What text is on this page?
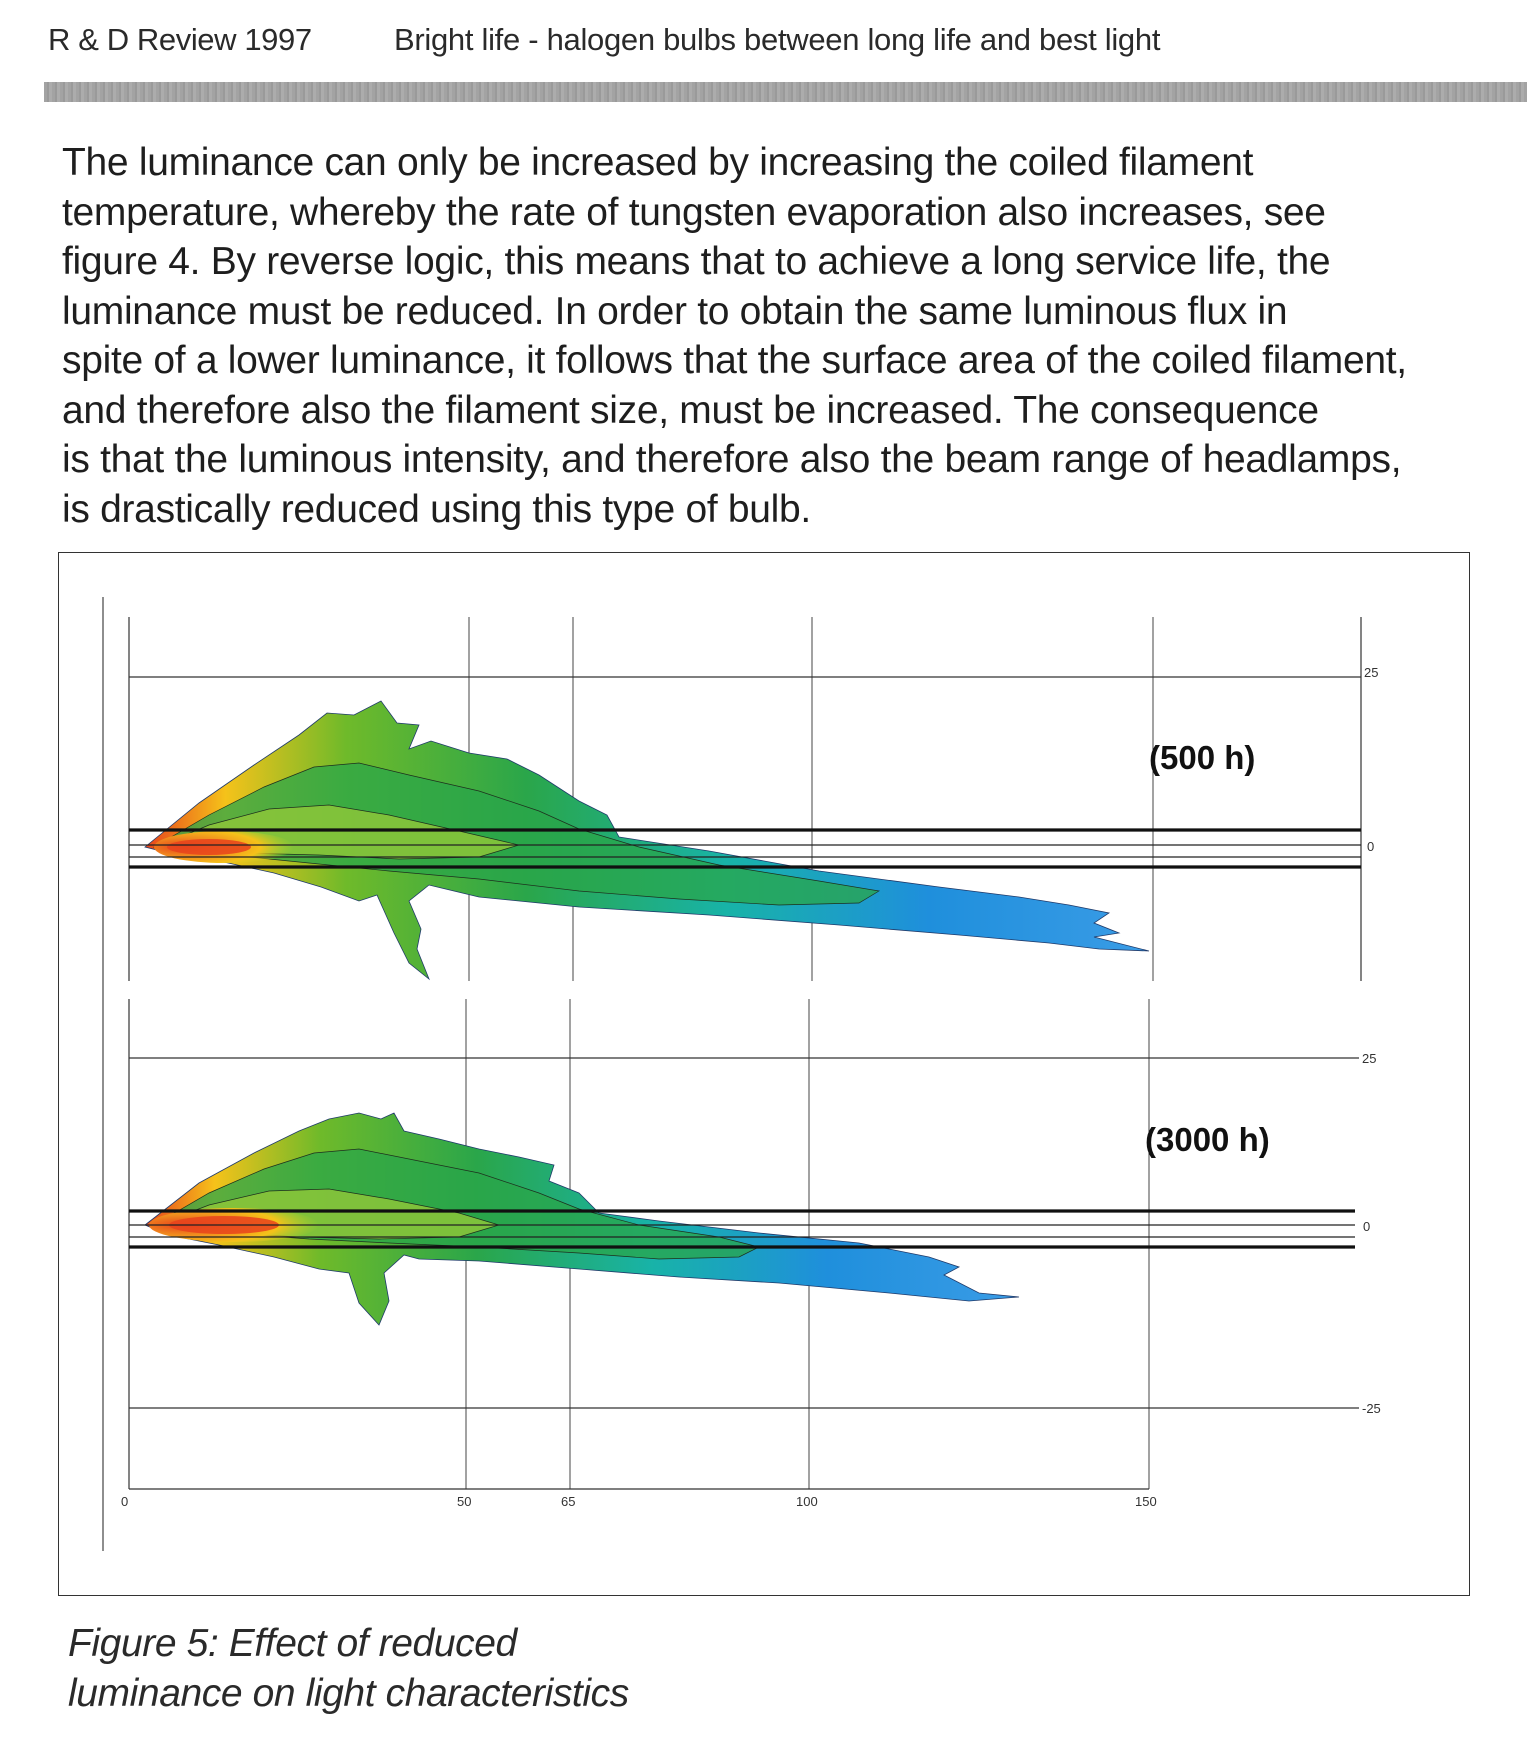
R & D Review 1997	Bright life - halogen bulbs between long life and best light
The luminance can only be increased by increasing the coiled filament
temperature, whereby the rate of tungsten evaporation also increases, see
figure 4. By reverse logic, this means that to achieve a long service life, the
luminance must be reduced. In order to obtain the same luminous flux in
spite of a lower luminance, it follows that the surface area of the coiled filament,
and therefore also the filament size, must be increased. The consequence
is that the luminous intensity, and therefore also the beam range of headlamps,
is drastically reduced using this type of bulb.
(500 h)
25
0
(3000 h)
25
0
-25
0	50	65	100	150
Figure 5: Effect of reduced
luminance on light characteristics
